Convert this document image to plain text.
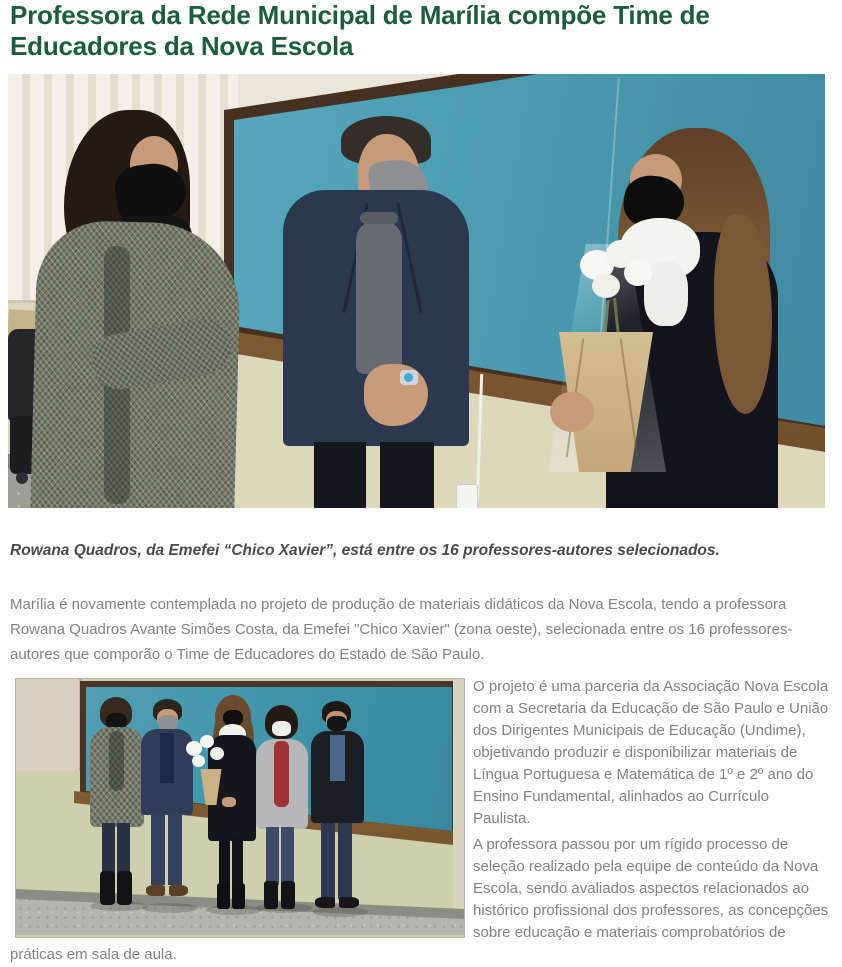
Professora da Rede Municipal de Marília compõe Time de Educadores da Nova Escola
Rowana Quadros, da Emefei “Chico Xavier”, está entre os 16 professores-autores selecionados.

Marília é novamente contemplada no projeto de produção de materiais didáticos da Nova Escola, tendo a professora Rowana Quadros Avante Simões Costa, da Emefei "Chico Xavier" (zona oeste), selecionada entre os 16 professores-autores que comporão o Time de Educadores do Estado de São Paulo.

O projeto é uma parceria da Associação Nova Escola com a Secretaria da Educação de São Paulo e União dos Dirigentes Municipais de Educação (Undime), objetivando produzir e disponibilizar materiais de Língua Portuguesa e Matemática de 1º e 2º ano do Ensino Fundamental, alinhados ao Currículo Paulista.

A professora passou por um rígido processo de seleção realizado pela equipe de conteúdo da Nova Escola, sendo avaliados aspectos relacionados ao histórico profissional dos professores, as concepções sobre educação e materiais comprobatórios de práticas em sala de aula.
